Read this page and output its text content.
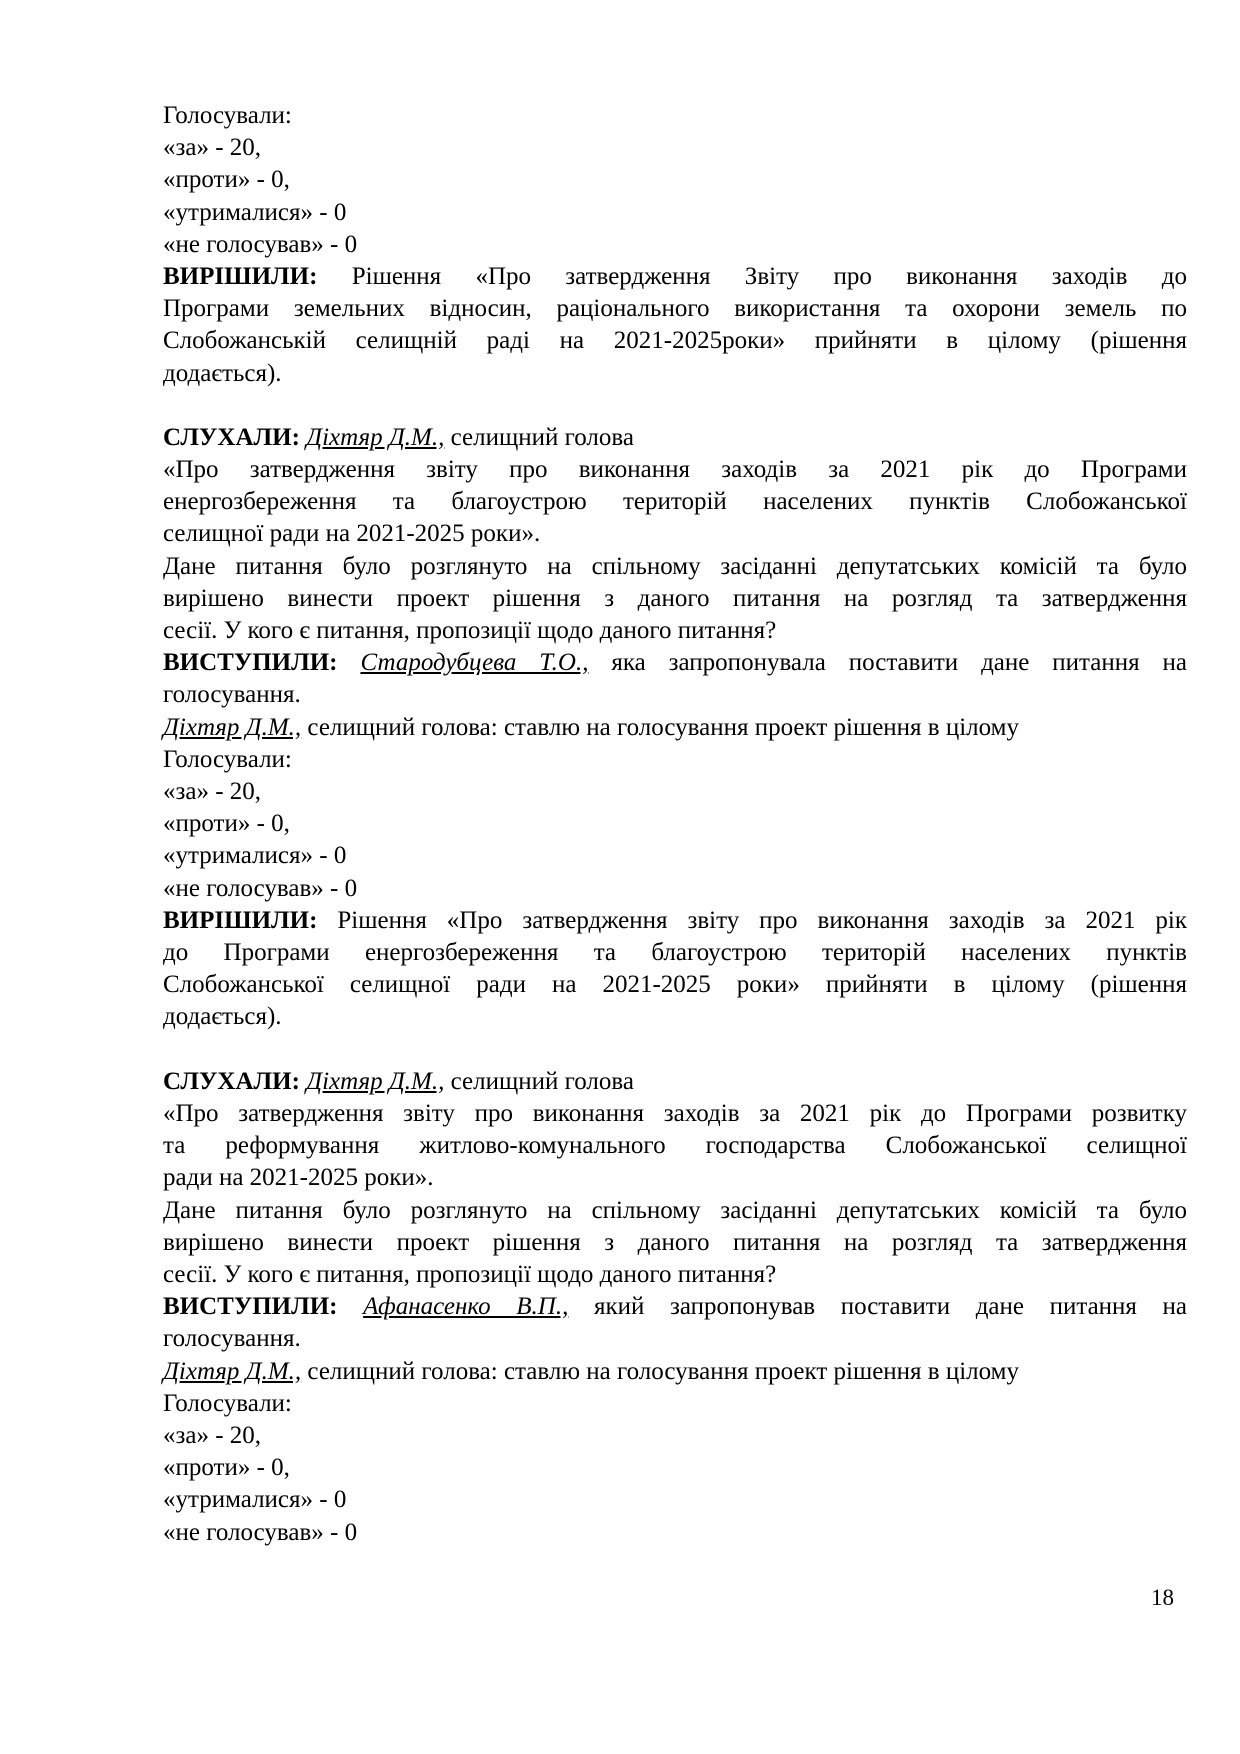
Голосували:
«за» - 20,
«проти» - 0,
«утрималися» - 0
«не голосував» - 0
ВИРІШИЛИ: Рішення «Про затвердження Звіту про виконання заходів до
Програми земельних відносин, раціонального використання та охорони земель по
Слобожанській селищній раді на 2021-2025роки» прийняти в цілому (рішення
додається).
СЛУХАЛИ: Діхтяр Д.М., селищний голова
«Про затвердження звіту про виконання заходів за 2021 рік до Програми
енергозбереження та благоустрою територій населених пунктів Слобожанської
селищної ради на 2021-2025 роки».
Дане питання було розглянуто на спільному засіданні депутатських комісій та було
вирішено винести проект рішення з даного питання на розгляд та затвердження
сесії. У кого є питання, пропозиції щодо даного питання?
ВИСТУПИЛИ: Стародубцева Т.О., яка запропонувала поставити дане питання на
голосування.
Діхтяр Д.М., селищний голова: ставлю на голосування проект рішення в цілому
Голосували:
«за» - 20,
«проти» - 0,
«утрималися» - 0
«не голосував» - 0
ВИРІШИЛИ: Рішення «Про затвердження звіту про виконання заходів за 2021 рік
до Програми енергозбереження та благоустрою територій населених пунктів
Слобожанської селищної ради на 2021-2025 роки» прийняти в цілому (рішення
додається).
СЛУХАЛИ: Діхтяр Д.М., селищний голова
«Про затвердження звіту про виконання заходів за 2021 рік до Програми розвитку
та реформування житлово-комунального господарства Слобожанської селищної
ради на 2021-2025 роки».
Дане питання було розглянуто на спільному засіданні депутатських комісій та було
вирішено винести проект рішення з даного питання на розгляд та затвердження
сесії. У кого є питання, пропозиції щодо даного питання?
ВИСТУПИЛИ: Афанасенко В.П., який запропонував поставити дане питання на
голосування.
Діхтяр Д.М., селищний голова: ставлю на голосування проект рішення в цілому
Голосували:
«за» - 20,
«проти» - 0,
«утрималися» - 0
«не голосував» - 0
18
